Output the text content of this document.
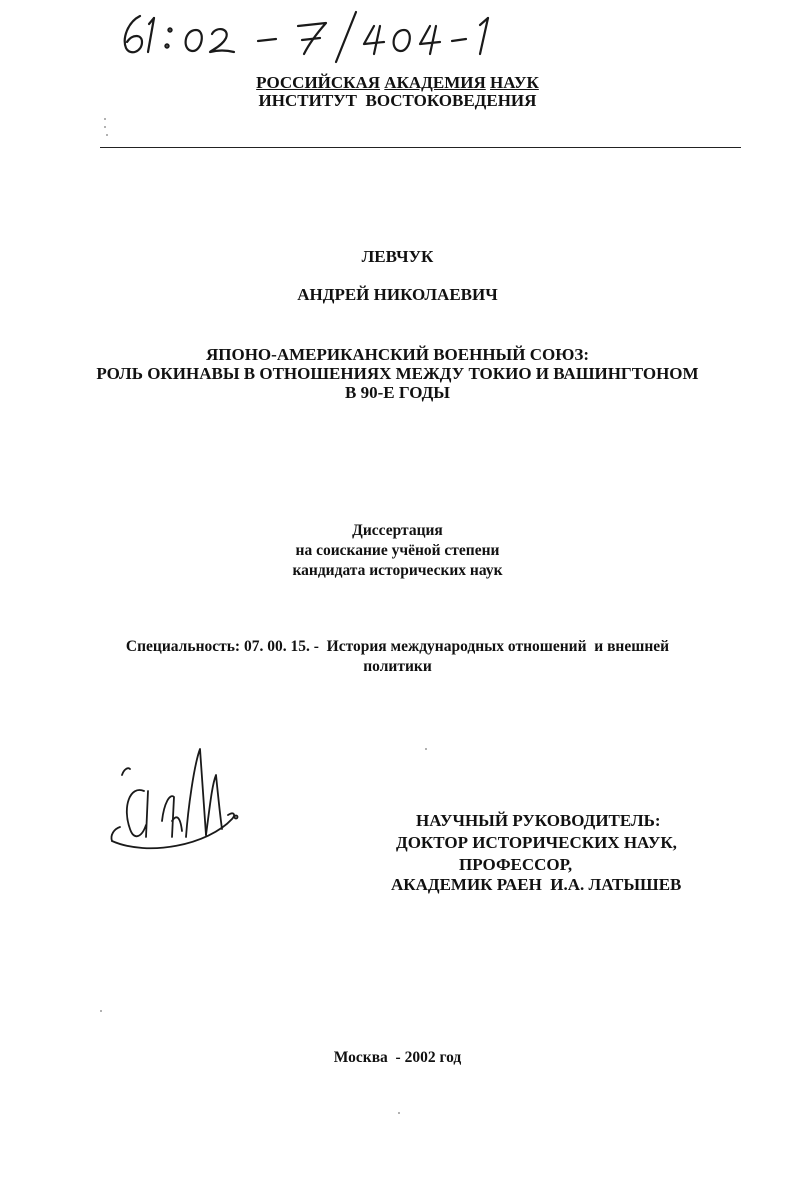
РОССИЙСКАЯ АКАДЕМИЯ НАУК
ИНСТИТУТ  ВОСТОКОВЕДЕНИЯ
ЛЕВЧУК
АНДРЕЙ НИКОЛАЕВИЧ
ЯПОНО-АМЕРИКАНСКИЙ ВОЕННЫЙ СОЮЗ:
РОЛЬ ОКИНАВЫ В ОТНОШЕНИЯХ МЕЖДУ ТОКИО И ВАШИНГТОНОМ
В 90-Е ГОДЫ
Диссертация
на соискание учёной степени
кандидата исторических наук
Специальность: 07. 00. 15. -  История международных отношений  и внешней
политики
НАУЧНЫЙ РУКОВОДИТЕЛЬ:
ДОКТОР ИСТОРИЧЕСКИХ НАУК,
ПРОФЕССОР,
АКАДЕМИК РАЕН  И.А. ЛАТЫШЕВ
Москва  - 2002 год
